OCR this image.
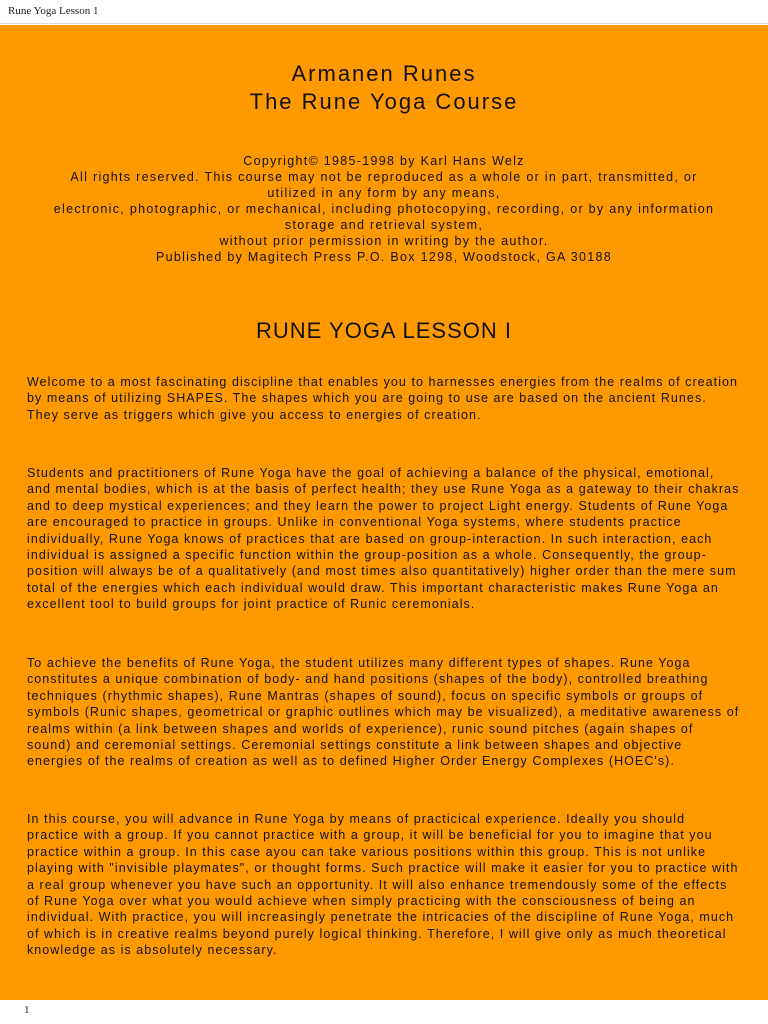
Rune Yoga Lesson 1
Armanen Runes
The Rune Yoga Course
Copyright© 1985-1998 by Karl Hans Welz
All rights reserved. This course may not be reproduced as a whole or in part, transmitted, or
utilized in any form by any means,
electronic, photographic, or mechanical, including photocopying, recording, or by any information
storage and retrieval system,
without prior permission in writing by the author.
Published by Magitech Press P.O. Box 1298, Woodstock, GA 30188
RUNE YOGA LESSON I
Welcome to a most fascinating discipline that enables you to harnesses energies from the realms of creation by means of utilizing SHAPES. The shapes which you are going to use are based on the ancient Runes. They serve as triggers which give you access to energies of creation.
Students and practitioners of Rune Yoga have the goal of achieving a balance of the physical, emotional, and mental bodies, which is at the basis of perfect health; they use Rune Yoga as a gateway to their chakras and to deep mystical experiences; and they learn the power to project Light energy. Students of Rune Yoga are encouraged to practice in groups. Unlike in conventional Yoga systems, where students practice individually, Rune Yoga knows of practices that are based on group-interaction. In such interaction, each individual is assigned a specific function within the group-position as a whole. Consequently, the group-position will always be of a qualitatively (and most times also quantitatively) higher order than the mere sum total of the energies which each individual would draw. This important characteristic makes Rune Yoga an excellent tool to build groups for joint practice of Runic ceremonials.
To achieve the benefits of Rune Yoga, the student utilizes many different types of shapes. Rune Yoga constitutes a unique combination of body- and hand positions (shapes of the body), controlled breathing techniques (rhythmic shapes), Rune Mantras (shapes of sound), focus on specific symbols or groups of symbols (Runic shapes, geometrical or graphic outlines which may be visualized), a meditative awareness of realms within (a link between shapes and worlds of experience), runic sound pitches (again shapes of sound) and ceremonial settings. Ceremonial settings constitute a link between shapes and objective energies of the realms of creation as well as to defined Higher Order Energy Complexes (HOEC's).
In this course, you will advance in Rune Yoga by means of practicical experience. Ideally you should practice with a group. If you cannot practice with a group, it will be beneficial for you to imagine that you practice within a group. In this case ayou can take various positions within this group. This is not unlike playing with "invisible playmates", or thought forms. Such practice will make it easier for you to practice with a real group whenever you have such an opportunity. It will also enhance tremendously some of the effects of Rune Yoga over what you would achieve when simply practicing with the consciousness of being an individual. With practice, you will increasingly penetrate the intricacies of the discipline of Rune Yoga, much of which is in creative realms beyond purely logical thinking. Therefore, I will give only as much theoretical knowledge as is absolutely necessary.
1
